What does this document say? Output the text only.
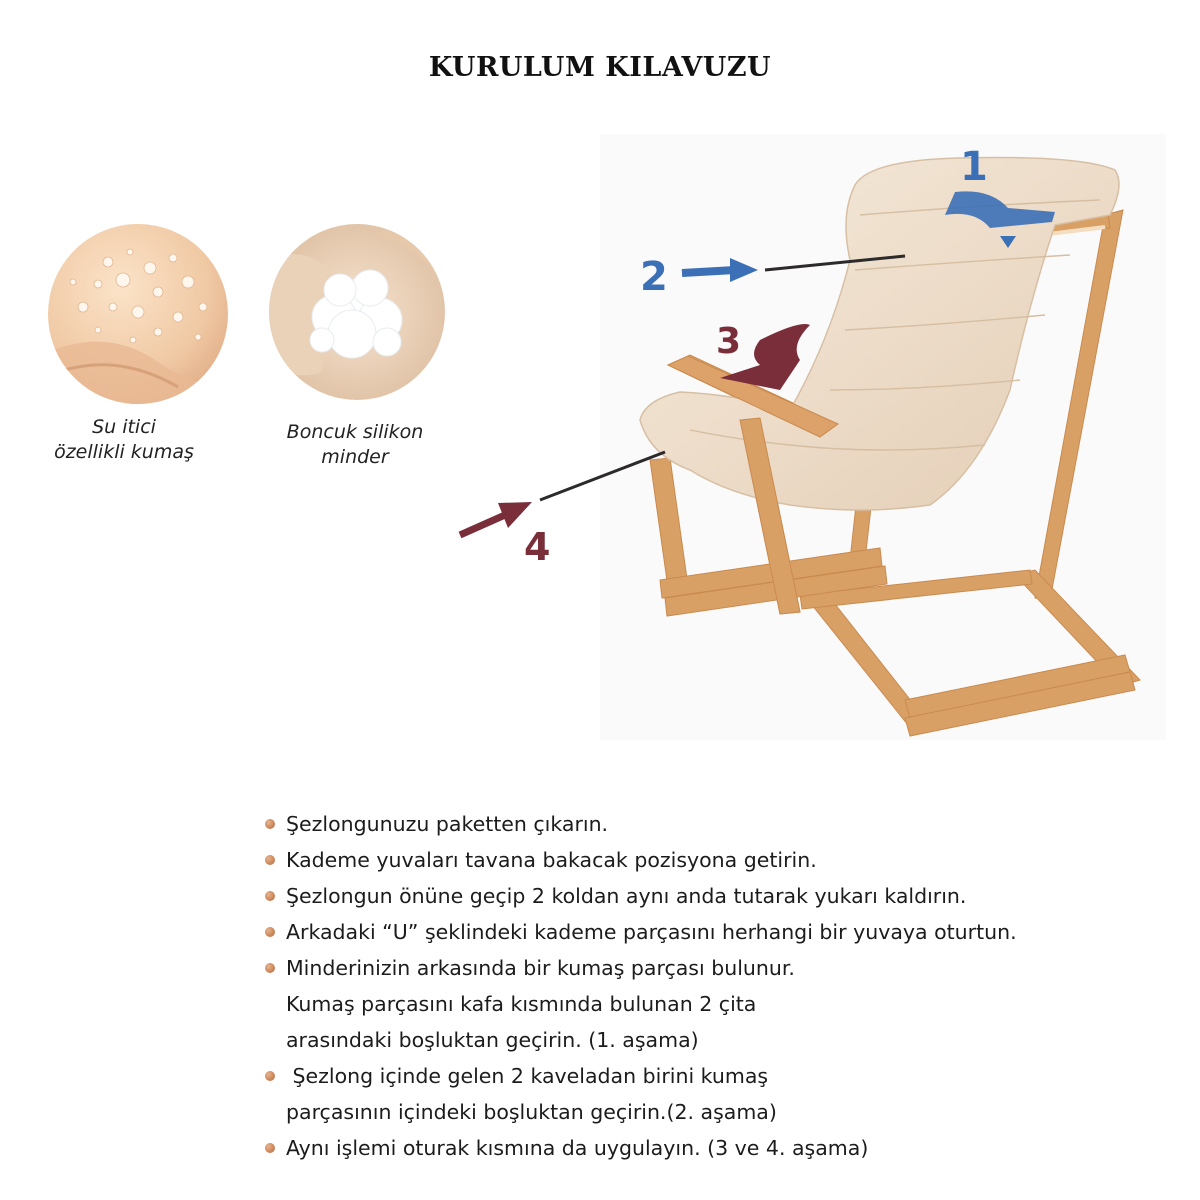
KURULUM KILAVUZU
Su itici
özellikli kumaş
Boncuk silikon
minder
1
2
3
4
Şezlongunuzu paketten çıkarın.
Kademe yuvaları tavana bakacak pozisyona getirin.
Şezlongun önüne geçip 2 koldan aynı anda tutarak yukarı kaldırın.
Arkadaki “U” şeklindeki kademe parçasını herhangi bir yuvaya oturtun.
Minderinizin arkasında bir kumaş parçası bulunur.
Kumaş parçasını kafa kısmında bulunan 2 çita
arasındaki boşluktan geçirin. (1. aşama)
Şezlong içinde gelen 2 kaveladan birini kumaş
parçasının içindeki boşluktan geçirin.(2. aşama)
Aynı işlemi oturak kısmına da uygulayın. (3 ve 4. aşama)
